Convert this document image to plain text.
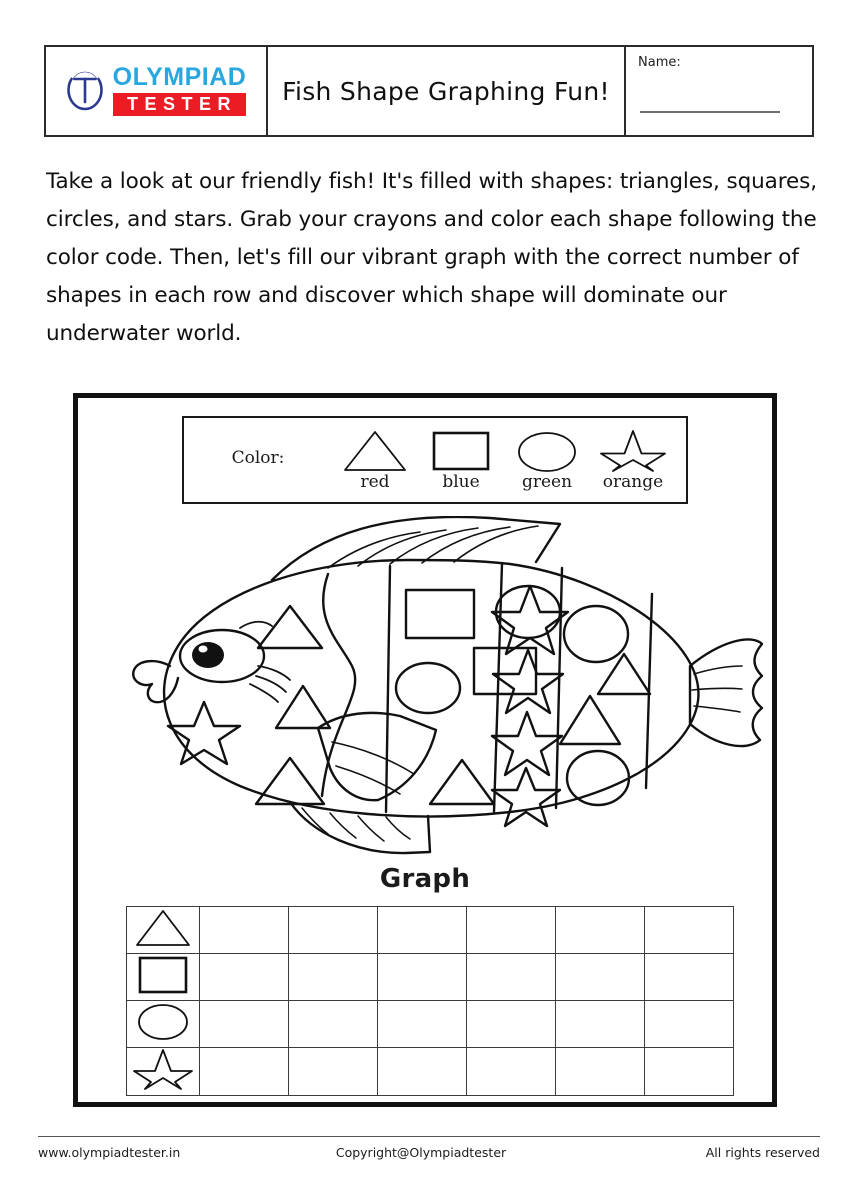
OLYMPIAD
TESTER	Fish Shape Graphing Fun!
Name:
Take a look at our friendly fish! It's filled with shapes: triangles, squares, circles, and stars. Grab your crayons and color each shape following the color code. Then, let's fill our vibrant graph with the correct number of shapes in each row and discover which shape will dominate our underwater world.
Color:
red	blue green orange
Graph

www.olympiadtester.in	Copyright@Olympiadtester	All rights reserved
